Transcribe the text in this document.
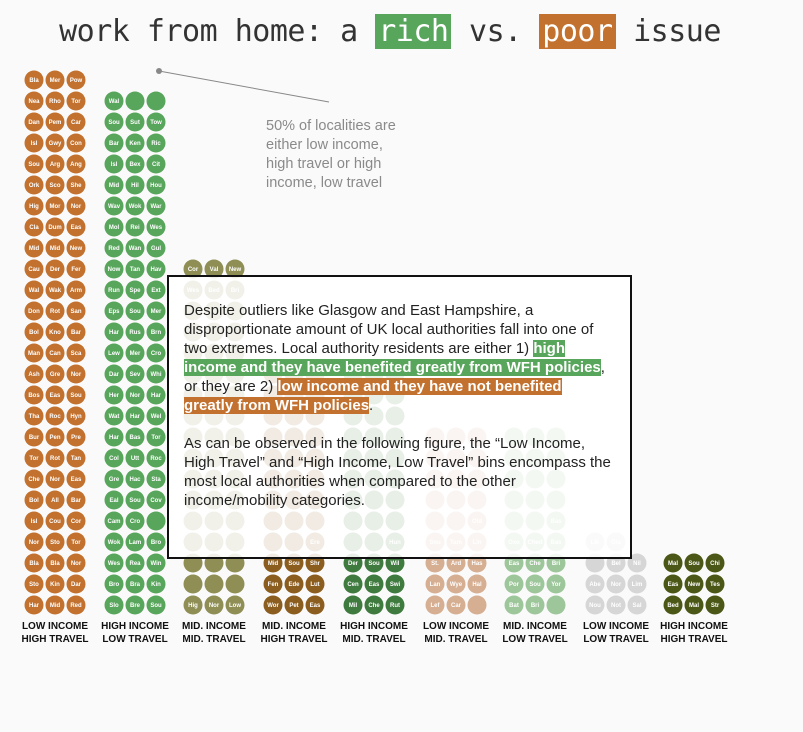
work from home: a rich vs. poor issue
Bla Mer Pow
Nea Rho Tor
Dan Pem Car
Isl Gwy Con
Sou Arg Ang
Ork Sco She
Hig Mor Nor
Cla Dum Eas
Mid Mid New
Cau Der Fer
Wal Wak Arm
Don Rot San
Bol Kno Bar
Man Can Sca
Ash Gre Nor
Bos Eas Sou
Tha Roc Hyn
Bur Pen Pre
Tor Rot Tan
Che Nor Eas
Bol All Bar
Isl Cou Cor
Nor Sto Tor
Bla Bla Nor
Sto Kin Dar
Har Mid Red
LOW INCOME
HIGH TRAVEL
Wal
Sou Sut Tow
Bar Ken Ric
Isl Bex Cit
Mid Hil Hou
Wav Wok War
Mol Rei Wes
Red Wan Gul
Now Tan Hav
Run Spe Ext
Eps Sou Mer
Har Rus Brn
Lew Mer Cro
Dar Sev Whi
Her Nor Har
Wat Har Wel
Har Bas Tor
Col Utt Roc
Gre Hac Sta
Eal Sou Cov
Cam Cro
Wok Lam Bro
Wes Rea Win
Bro Bra Kin
Slo Bre Sou
HIGH INCOME
LOW TRAVEL
Cor Val New
Hig Nor Low
MID. INCOME
MID. TRAVEL
Mid Sou Shr
Fen Ede Lut
Wor Pet Eas
MID. INCOME
HIGH TRAVEL
Der Sou Wil
Cen Eas Swi
Mil Che Rut
HIGH INCOME
MID. TRAVEL
St. Ard Has
Lan Wye Hal
Lef Car
LOW INCOME
MID. TRAVEL
Eas Che Bri
Por Sou Yor
Bat Bri
MID. INCOME
LOW TRAVEL
Bel Nil
Abe Nor Lim
Nou Not Sal
LOW INCOME
LOW TRAVEL
Mal Sou Chi
Eas New Tes
Bed Mal Str
HIGH INCOME
HIGH TRAVEL
50% of localities are either low income, high travel or high income, low travel

Despite outliers like Glasgow and East Hampshire, a disproportionate amount of UK local authorities fall into one of two extremes. Local authority residents are either 1) high income and they have benefited greatly from WFH policies, or they are 2) low income and they have not benefited greatly from WFH policies.

As can be observed in the following figure, the “Low Income, High Travel” and “High Income, Low Travel” bins encompass the most local authorities when compared to the other income/mobility categories.
